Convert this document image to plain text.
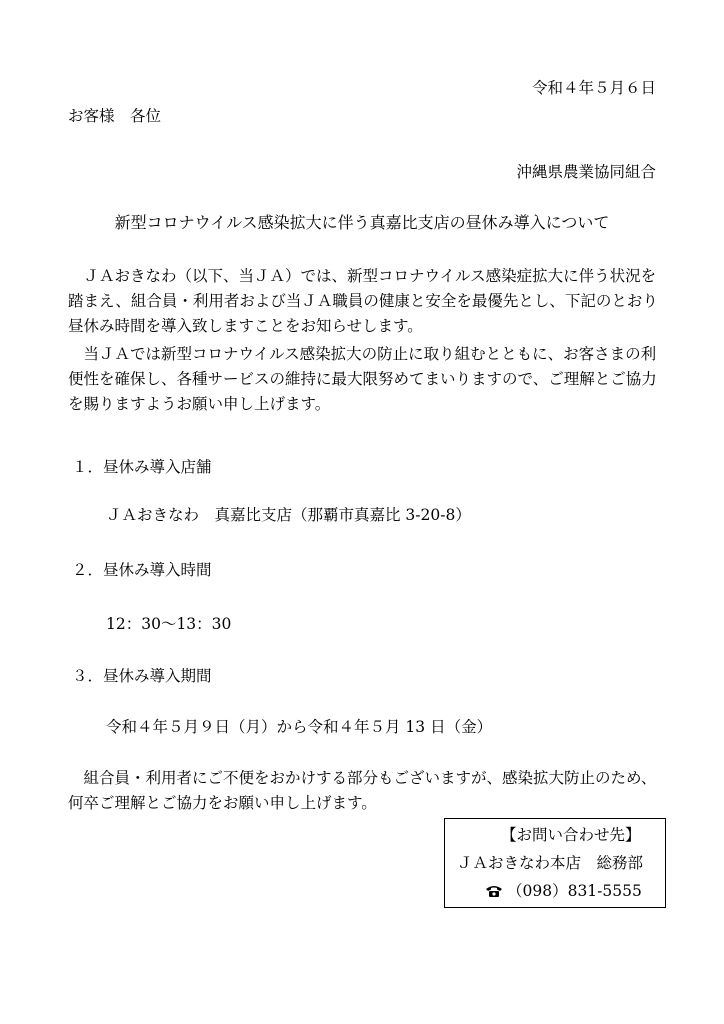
令和４年５月６日
お客様　各位
沖縄県農業協同組合
新型コロナウイルス感染拡大に伴う真嘉比支店の昼休み導入について

ＪＡおきなわ（以下、当ＪＡ）では、新型コロナウイルス感染症拡大に伴う状況を踏まえ、組合員・利用者および当ＪＡ職員の健康と安全を最優先とし、下記のとおり昼休み時間を導入致しますことをお知らせします。

当ＪＡでは新型コロナウイルス感染拡大の防止に取り組むとともに、お客さまの利便性を確保し、各種サービスの維持に最大限努めてまいりますので、ご理解とご協力を賜りますようお願い申し上げます。

１．昼休み導入店舗
ＪＡおきなわ　真嘉比支店（那覇市真嘉比 3-20-8）
２．昼休み導入時間
12：30〜13：30
３．昼休み導入期間
令和４年５月９日（月）から令和４年５月 13 日（金）

組合員・利用者にご不便をおかけする部分もございますが、感染拡大防止のため、何卒ご理解とご協力をお願い申し上げます。

【お問い合わせ先】
ＪＡおきなわ本店　総務部
（098）831-5555
